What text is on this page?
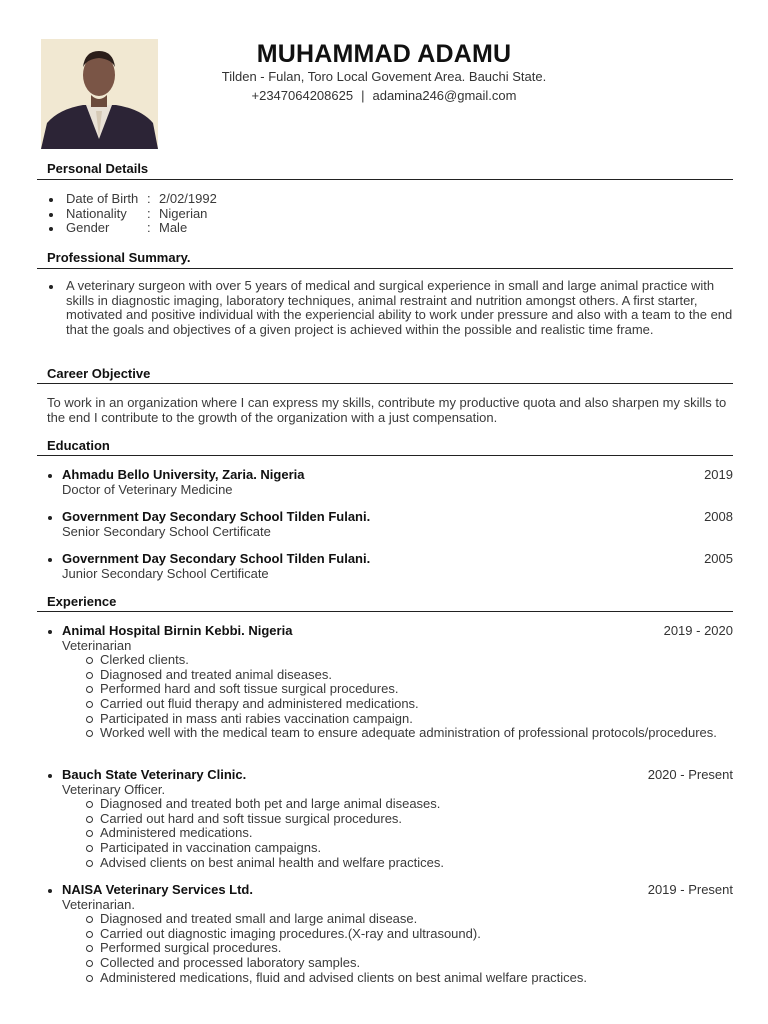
MUHAMMAD ADAMU
Tilden - Fulan, Toro Local Govement Area. Bauchi State.
+2347064208625 | adamina246@gmail.com
Personal Details
Date of Birth : 2/02/1992
Nationality : Nigerian
Gender	: Male
Professional Summary.
A veterinary surgeon with over 5 years of medical and surgical experience in small and large animal practice with skills in diagnostic imaging, laboratory techniques, animal restraint and nutrition amongst others. A first starter, motivated and positive individual with the experiencial ability to work under pressure and also with a team to the end that the goals and objectives of a given project is achieved within the possible and realistic time frame.
Career Objective
To work in an organization where I can express my skills, contribute my productive quota and also sharpen my skills to the end I contribute to the growth of the organization with a just compensation.
Education
Ahmadu Bello University, Zaria. Nigeria	2019
Doctor of Veterinary Medicine
Government Day Secondary School Tilden Fulani.	2008
Senior Secondary School Certificate
Government Day Secondary School Tilden Fulani.	2005
Junior Secondary School Certificate
Experience
Animal Hospital Birnin Kebbi. Nigeria	2019 - 2020
Veterinarian
Clerked clients.
Diagnosed and treated animal diseases.
Performed hard and soft tissue surgical procedures.
Carried out fluid therapy and administered medications.
Participated in mass anti rabies vaccination campaign.
Worked well with the medical team to ensure adequate administration of professional protocols/procedures.
Bauch State Veterinary Clinic.	2020 - Present
Veterinary Officer.
Diagnosed and treated both pet and large animal diseases.
Carried out hard and soft tissue surgical procedures.
Administered medications.
Participated in vaccination campaigns.
Advised clients on best animal health and welfare practices.
NAISA Veterinary Services Ltd.	2019 - Present
Veterinarian.
Diagnosed and treated small and large animal disease.
Carried out diagnostic imaging procedures.(X-ray and ultrasound).
Performed surgical procedures.
Collected and processed laboratory samples.
Administered medications, fluid and advised clients on best animal welfare practices.
